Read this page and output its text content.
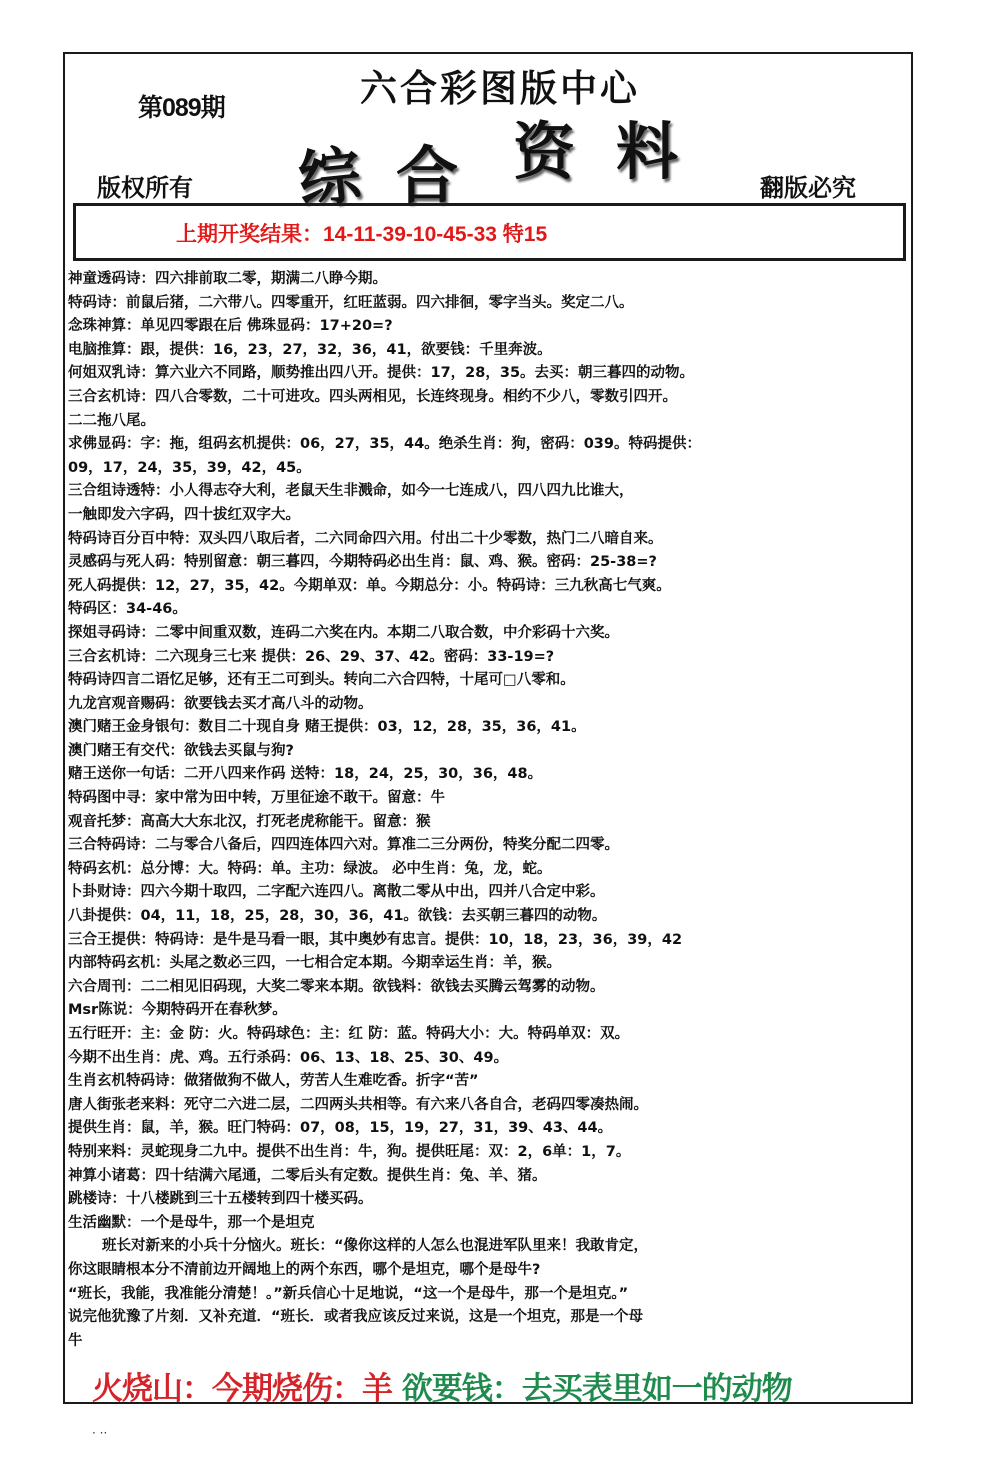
第089期	六合彩图版中心
综 合 资 料
版权所有	翻版必究
上期开奖结果：14-11-39-10-45-33 特15
神童透码诗：四六排前取二零，期满二八睁今期。
特码诗：前鼠后猪，二六带八。四零重开，红旺蓝弱。四六排徊，零字当头。奖定二八。
念珠神算：单见四零跟在后 佛珠显码：17+20=?
电脑推算：跟，提供：16，23，27，32，36，41，欲要钱：千里奔波。
何姐双乳诗：算六业六不同路，顺势推出四八开。提供：17，28，35。去买：朝三暮四的动物。
三合玄机诗：四八合零数，二十可进攻。四头两相见，长连终现身。相约不少八，零数引四开。
二二拖八尾。
求佛显码：字：拖，组码玄机提供：06，27，35，44。绝杀生肖：狗，密码：039。特码提供：
09，17，24，35，39，42，45。
三合组诗透特：小人得志夺大利，老鼠天生非溅命，如今一七连成八，四八四九比谁大，
一触即发六字码，四十拔红双字大。
特码诗百分百中特：双头四八取后者，二六同命四六用。付出二十少零数，热门二八暗自来。
灵感码与死人码：特别留意：朝三暮四，今期特码必出生肖：鼠、鸡、猴。密码：25-38=?
死人码提供：12，27，35，42。今期单双：单。今期总分：小。特码诗：三九秋高七气爽。
特码区：34-46。
探姐寻码诗：二零中间重双数，连码二六奖在内。本期二八取合数，中介彩码十六奖。
三合玄机诗：二六现身三七来 提供：26、29、37、42。密码：33-19=?
特码诗四言二语忆足够，还有王二可到头。转向二六合四特，十尾可□八零和。
九龙宫观音赐码：欲要钱去买才高八斗的动物。
澳门赌王金身银句：数目二十现自身 赌王提供：03，12，28，35，36，41。
澳门赌王有交代：欲钱去买鼠与狗?
赌王送你一句话：二开八四来作码 送特：18，24，25，30，36，48。
特码图中寻：家中常为田中转，万里征途不敢干。留意：牛
观音托梦：高高大大东北汉，打死老虎称能干。留意：猴
三合特码诗：二与零合八备后，四四连体四六对。算准二三分两份，特奖分配二四零。
特码玄机：总分博：大。特码：单。主功：绿波。 必中生肖：兔，龙，蛇。
卜卦财诗：四六今期十取四，二字配六连四八。离散二零从中出，四并八合定中彩。
八卦提供：04，11，18，25，28，30，36，41。欲钱：去买朝三暮四的动物。
三合王提供：特码诗：是牛是马看一眼，其中奥妙有忠言。提供：10，18，23，36，39，42
内部特码玄机：头尾之数必三四，一七相合定本期。今期幸运生肖：羊，猴。
六合周刊：二二相见旧码现，大奖二零来本期。欲钱料：欲钱去买腾云驾雾的动物。
Msr陈说：今期特码开在春秋梦。
五行旺开：主：金 防：火。特码球色：主：红 防：蓝。特码大小：大。特码单双：双。
今期不出生肖：虎、鸡。五行杀码：06、13、18、25、30、49。
生肖玄机特码诗：做猪做狗不做人，劳苦人生难吃香。折字“苦”
唐人街张老来料：死守二六进二层，二四两头共相等。有六来八各自合，老码四零凑热闹。
提供生肖：鼠，羊，猴。旺门特码：07，08，15，19，27，31，39、43、44。
特别来料：灵蛇现身二九中。提供不出生肖：牛，狗。提供旺尾：双：2，6单：1，7。
神算小诸葛：四十结满六尾通，二零后头有定数。提供生肖：兔、羊、猪。
跳楼诗：十八楼跳到三十五楼转到四十楼买码。
生活幽默：一个是母牛，那一个是坦克
班长对新来的小兵十分恼火。班长：“像你这样的人怎么也混进军队里来！我敢肯定，
你这眼睛根本分不清前边开阔地上的两个东西，哪个是坦克，哪个是母牛?
“班长，我能，我准能分清楚！。”新兵信心十足地说，“这一个是母牛，那一个是坦克。”
说完他犹豫了片刻．又补充道．“班长．或者我应该反过来说，这是一个坦克，那是一个母
牛
火烧山：今期烧伤：羊 欲要钱：去买表里如一的动物
· ··
